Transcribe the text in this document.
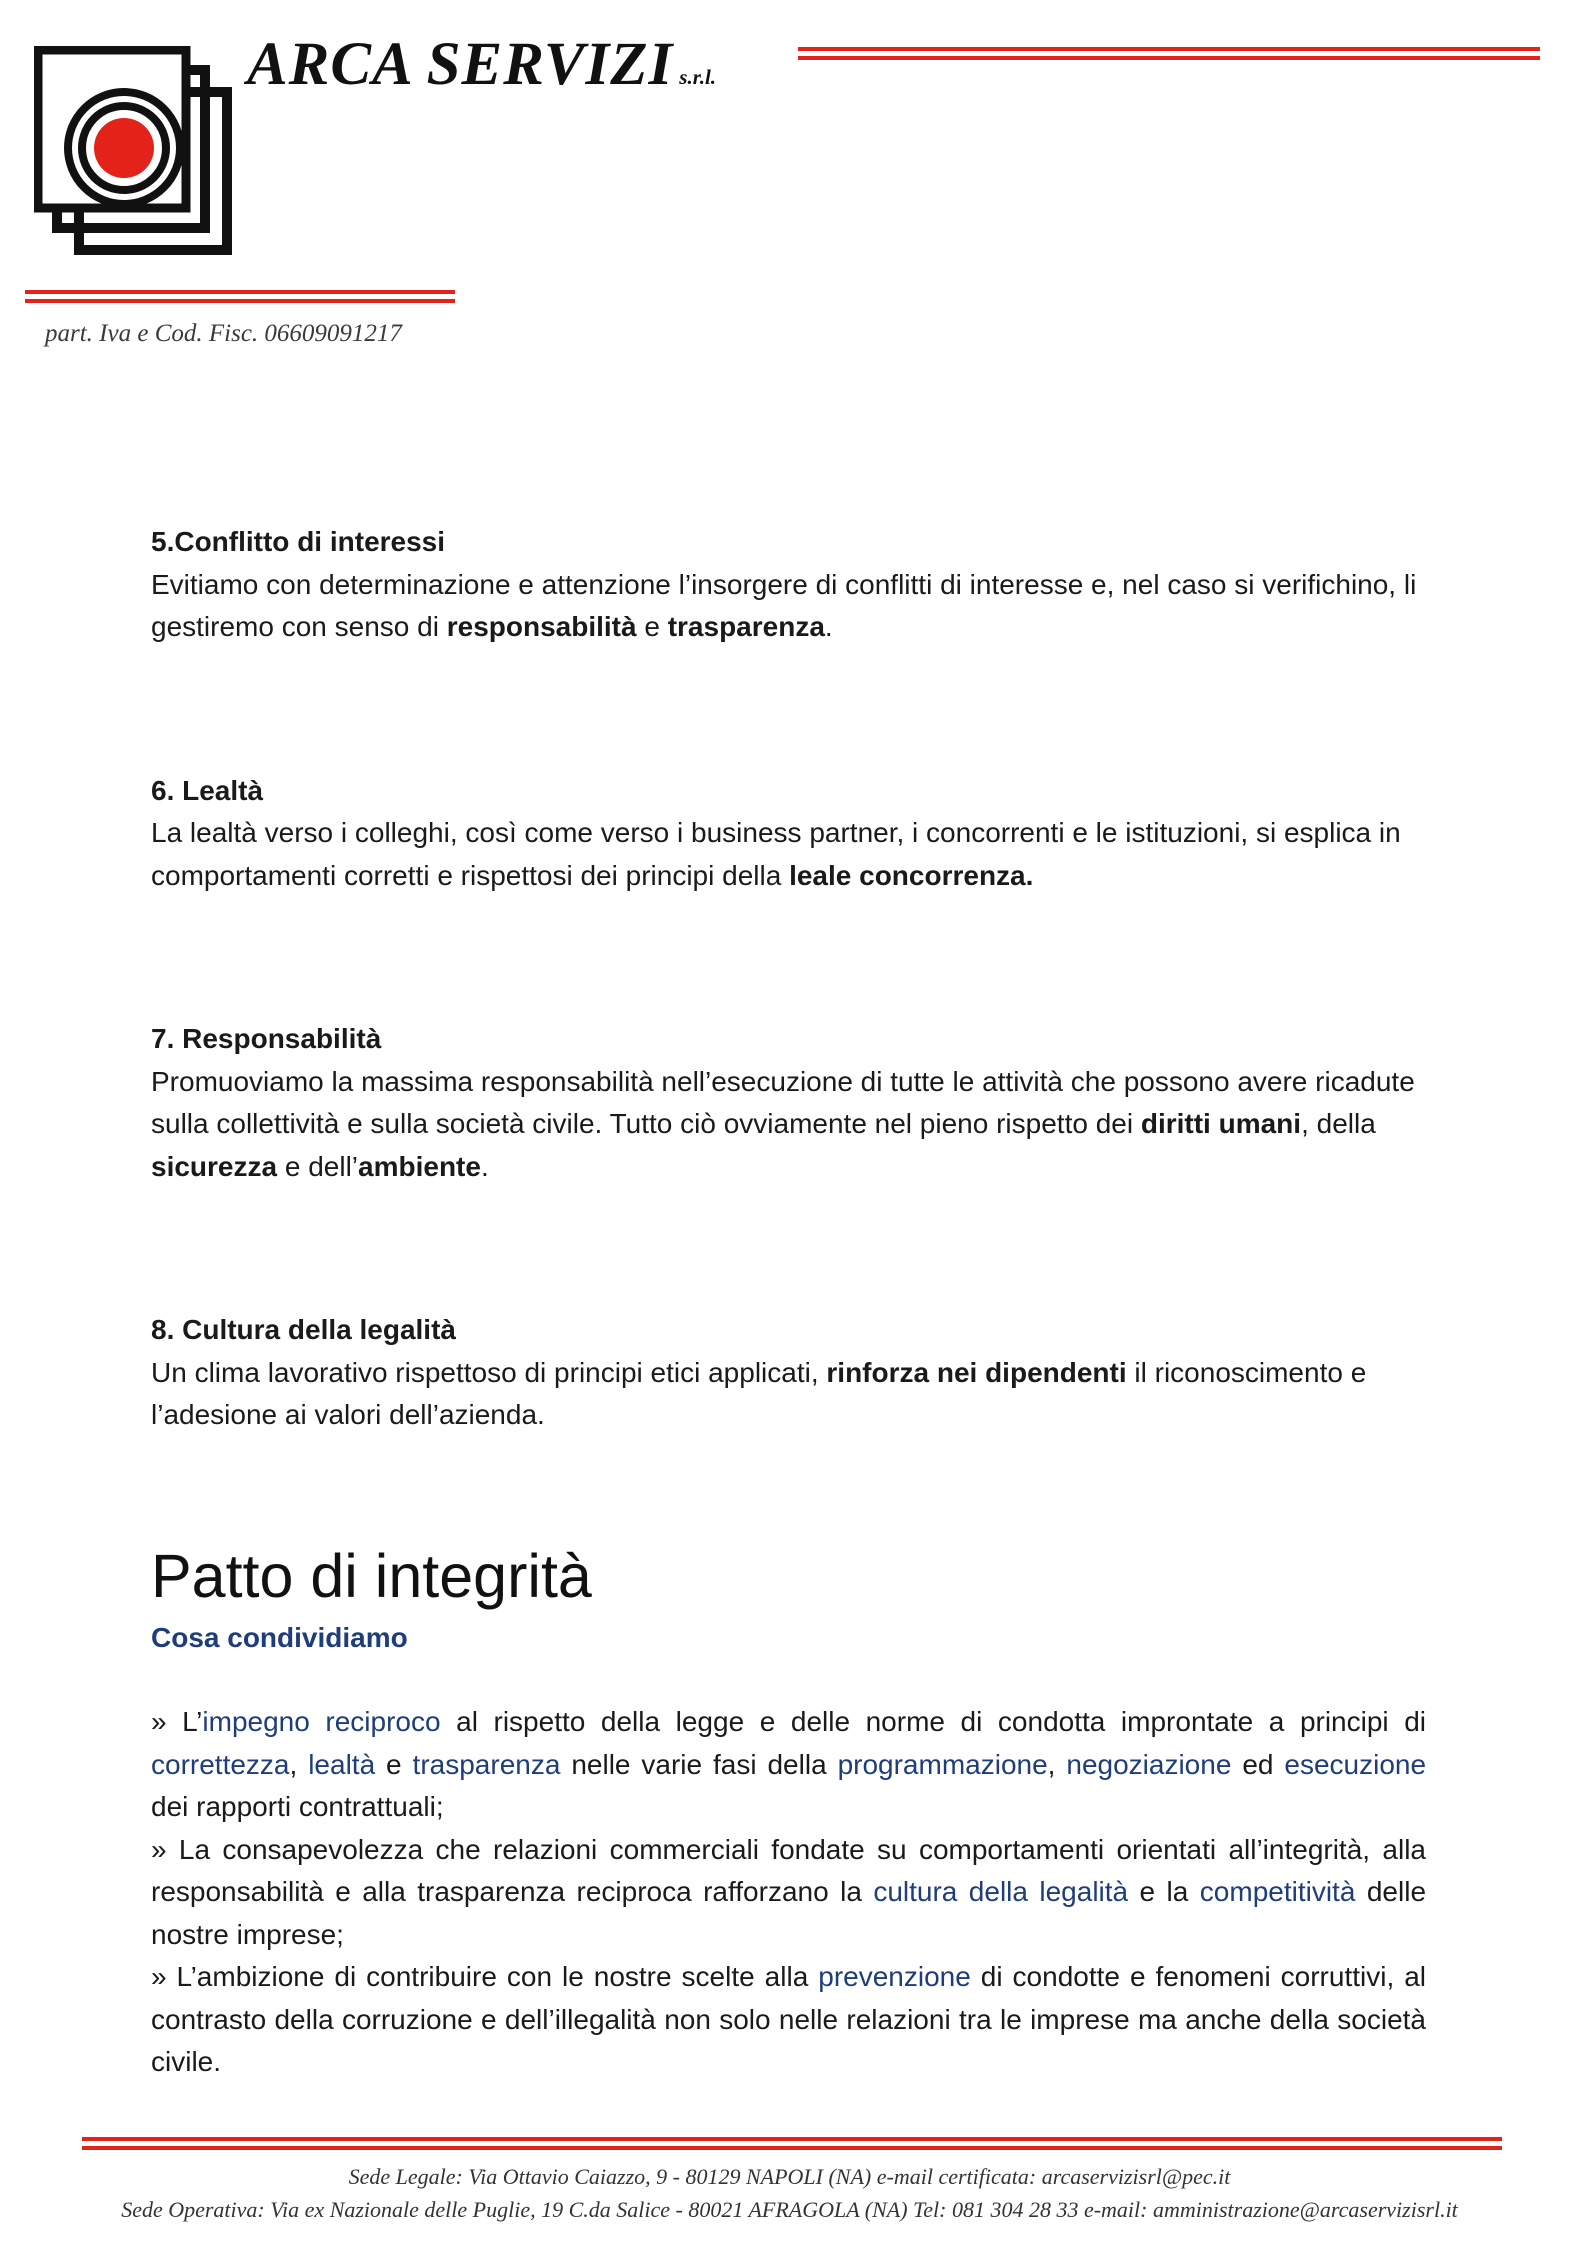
ARCA SERVIZI s.r.l.
part. Iva e Cod. Fisc. 06609091217
5.Conflitto di interessi

Evitiamo con determinazione e attenzione l’insorgere di conflitti di interesse e, nel caso si verifichino, li gestiremo con senso di responsabilità e trasparenza.

6. Lealtà

La lealtà verso i colleghi, così come verso i business partner, i concorrenti e le istituzioni, si esplica in comportamenti corretti e rispettosi dei principi della leale concorrenza.

7. Responsabilità

Promuoviamo la massima responsabilità nell’esecuzione di tutte le attività che possono avere ricadute sulla collettività e sulla società civile. Tutto ciò ovviamente nel pieno rispetto dei diritti umani, della sicurezza e dell’ambiente.

8. Cultura della legalità

Un clima lavorativo rispettoso di principi etici applicati, rinforza nei dipendenti il riconoscimento e l’adesione ai valori dell’azienda.

Patto di integrità
Cosa condividiamo

» L’impegno reciproco al rispetto della legge e delle norme di condotta improntate a principi di correttezza, lealtà e trasparenza nelle varie fasi della programmazione, negoziazione ed esecuzione dei rapporti contrattuali;

» La consapevolezza che relazioni commerciali fondate su comportamenti orientati all’integrità, alla responsabilità e alla trasparenza reciproca rafforzano la cultura della legalità e la competitività delle nostre imprese;

» L’ambizione di contribuire con le nostre scelte alla prevenzione di condotte e fenomeni corruttivi, al contrasto della corruzione e dell’illegalità non solo nelle relazioni tra le imprese ma anche della società civile.

Sede Legale: Via Ottavio Caiazzo, 9 - 80129 NAPOLI (NA) e-mail certificata: arcaservizisrl@pec.it
Sede Operativa: Via ex Nazionale delle Puglie, 19 C.da Salice - 80021 AFRAGOLA (NA) Tel: 081 304 28 33 e-mail: amministrazione@arcaservizisrl.it
